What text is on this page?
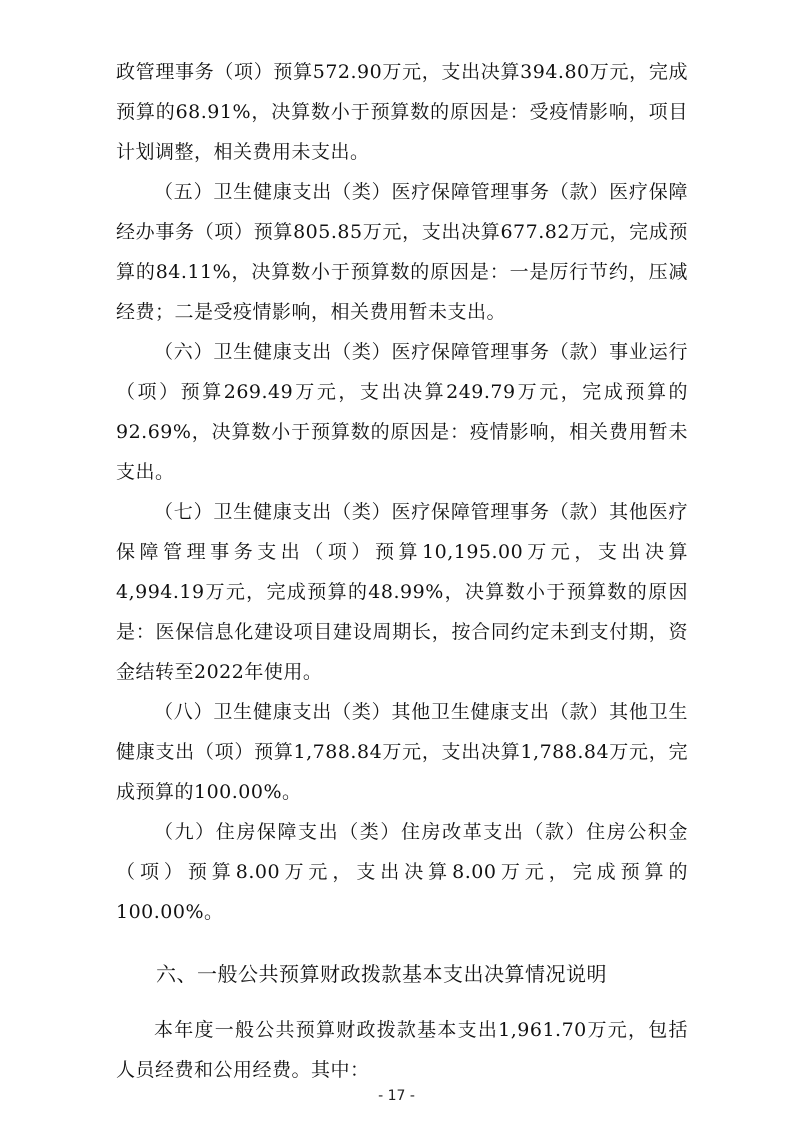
政管理事务（项）预算572.90万元，支出决算394.80万元，完成预算的68.91%，决算数小于预算数的原因是：受疫情影响，项目计划调整，相关费用未支出。

（五）卫生健康支出（类）医疗保障管理事务（款）医疗保障经办事务（项）预算805.85万元，支出决算677.82万元，完成预算的84.11%，决算数小于预算数的原因是：一是厉行节约，压减经费；二是受疫情影响，相关费用暂未支出。

（六）卫生健康支出（类）医疗保障管理事务（款）事业运行（项）预算269.49万元，支出决算249.79万元，完成预算的92.69%，决算数小于预算数的原因是：疫情影响，相关费用暂未支出。

（七）卫生健康支出（类）医疗保障管理事务（款）其他医疗保障管理事务支出（项）预算10,195.00万元，支出决算4,994.19万元，完成预算的48.99%，决算数小于预算数的原因是：医保信息化建设项目建设周期长，按合同约定未到支付期，资金结转至2022年使用。

（八）卫生健康支出（类）其他卫生健康支出（款）其他卫生健康支出（项）预算1,788.84万元，支出决算1,788.84万元，完成预算的100.00%。

（九）住房保障支出（类）住房改革支出（款）住房公积金（项）预算8.00万元，支出决算8.00万元，完成预算的100.00%。

六、一般公共预算财政拨款基本支出决算情况说明

本年度一般公共预算财政拨款基本支出1,961.70万元，包括人员经费和公用经费。其中：

- 17 -
